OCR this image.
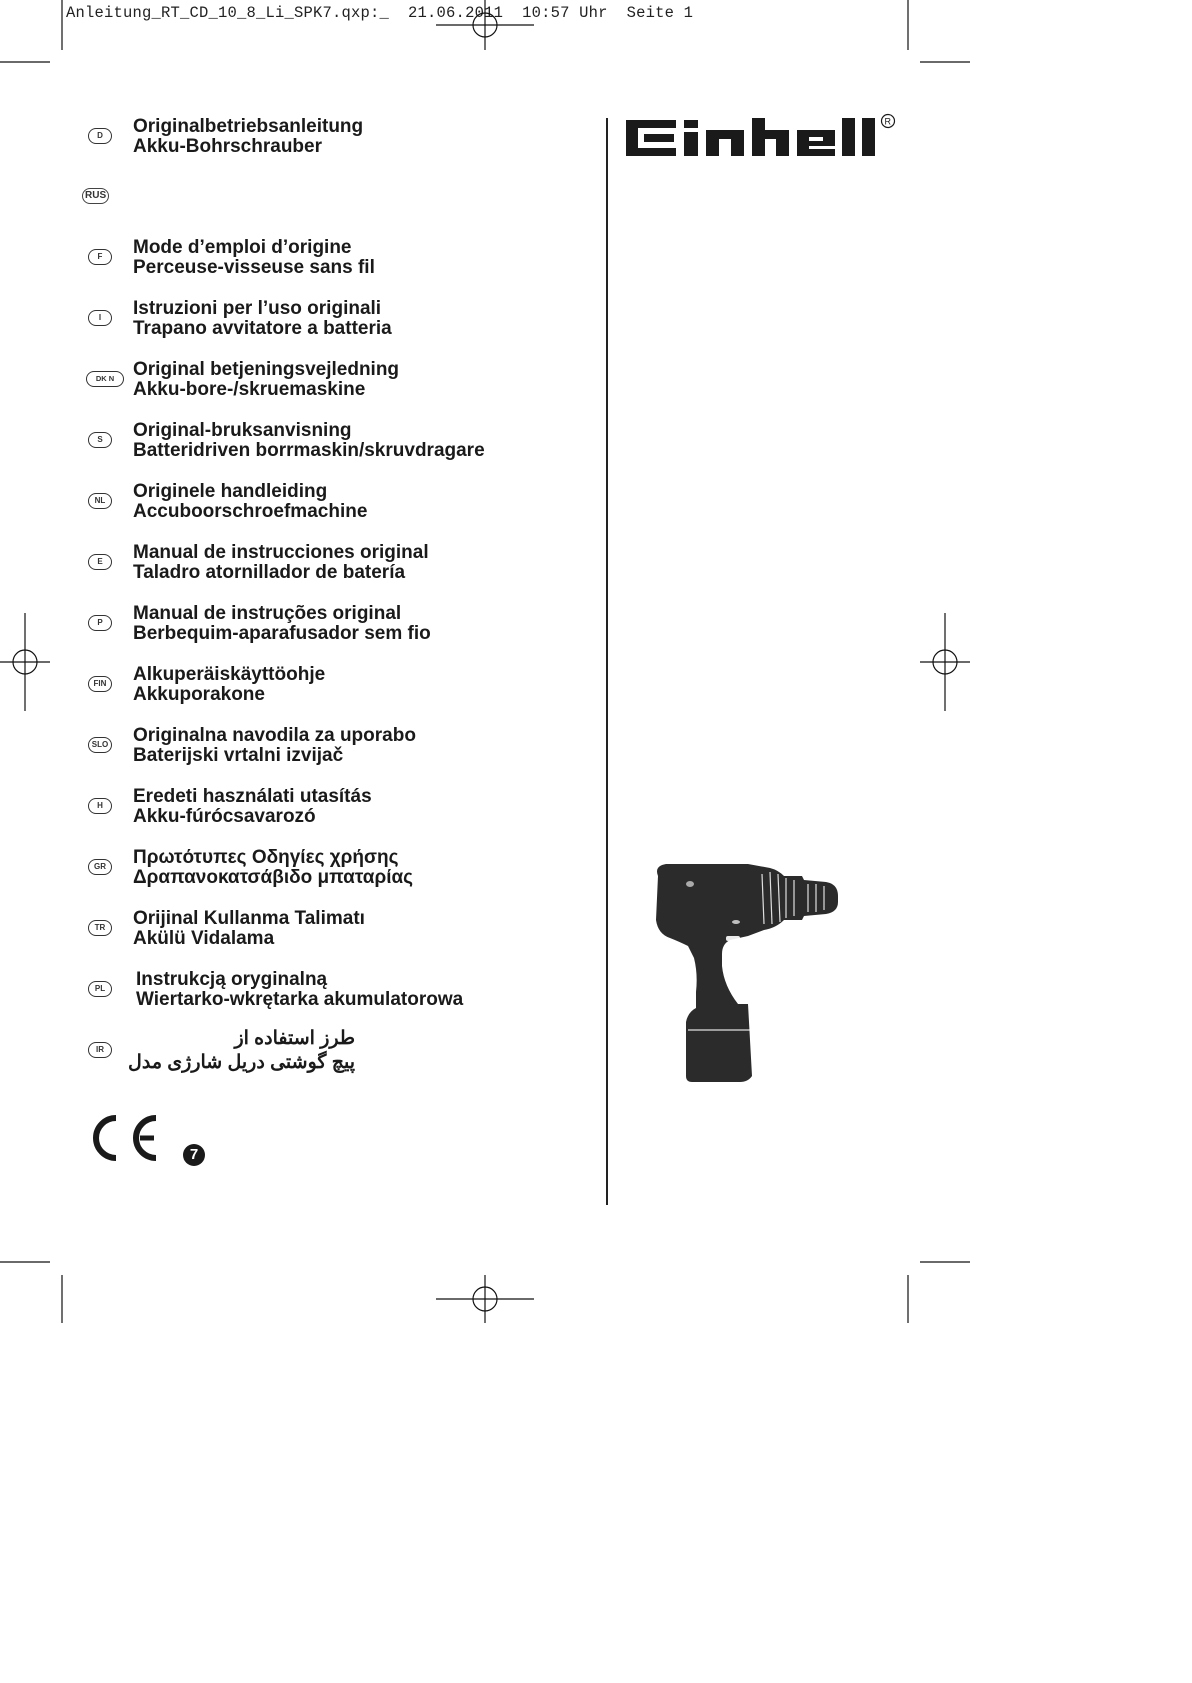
Anleitung_RT_CD_10_8_Li_SPK7.qxp:_  21.06.2011  10:57 Uhr  Seite 1
D	Originalbetriebsanleitung
Akku-Bohrschrauber
RUS
F	Mode d’emploi d’origine
Perceuse-visseuse sans fil
I	Istruzioni per l’uso originali
Trapano avvitatore a batteria
DK N Original betjeningsvejledning
Akku-bore-/skruemaskine
S	Original-bruksanvisning
Batteridriven borrmaskin/skruvdragare
NL	Originele handleiding
Accuboorschroefmachine
E	Manual de instrucciones original
Taladro atornillador de batería
P	Manual de instruções original
Berbequim-aparafusador sem fio
FIN Alkuperäiskäyttöohje
Akkuporakone
SLO Originalna navodila za uporabo
Baterijski vrtalni izvijač
H	Eredeti használati utasítás
Akku-fúrócsavarozó
GR	Πρωτότυπες Οδηγίες χρήσης
Δραπανοκατσάβιδο μπαταρίας
TR	Orijinal Kullanma Talimatı
Akülü Vidalama
PL	Instrukcją oryginalną
Wiertarko-wkrętarka akumulatorowa
IR
طرز استفاده از
پیچ گوشتی دریل شارژی مدل
7
R
